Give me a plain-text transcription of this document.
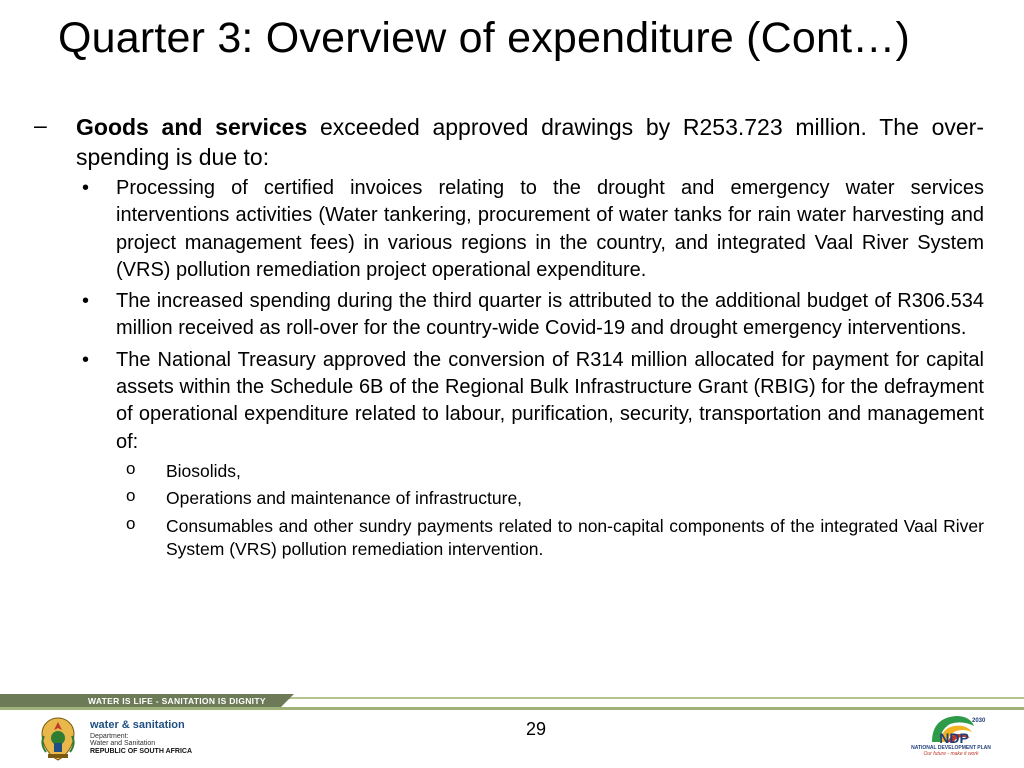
Quarter 3: Overview of expenditure (Cont…)
– Goods and services exceeded approved drawings by R253.723 million. The over-spending is due to:
• Processing of certified invoices relating to the drought and emergency water services interventions activities (Water tankering, procurement of water tanks for rain water harvesting and project management fees) in various regions in the country, and integrated Vaal River System (VRS) pollution remediation project operational expenditure.
• The increased spending during the third quarter is attributed to the additional budget of R306.534 million received as roll-over for the country-wide Covid-19 and drought emergency interventions.
• The National Treasury approved the conversion of R314 million allocated for payment for capital assets within the Schedule 6B of the Regional Bulk Infrastructure Grant (RBIG) for the defrayment of operational expenditure related to labour, purification, security, transportation and management of:
o Biosolids,
o Operations and maintenance of infrastructure,
o Consumables and other sundry payments related to non-capital components of the integrated Vaal River System (VRS) pollution remediation intervention.
WATER IS LIFE - SANITATION IS DIGNITY
29
water & sanitation
Department:
Water and Sanitation
REPUBLIC OF SOUTH AFRICA
NDP
2030
NATIONAL DEVELOPMENT PLAN
Our future - make it work
